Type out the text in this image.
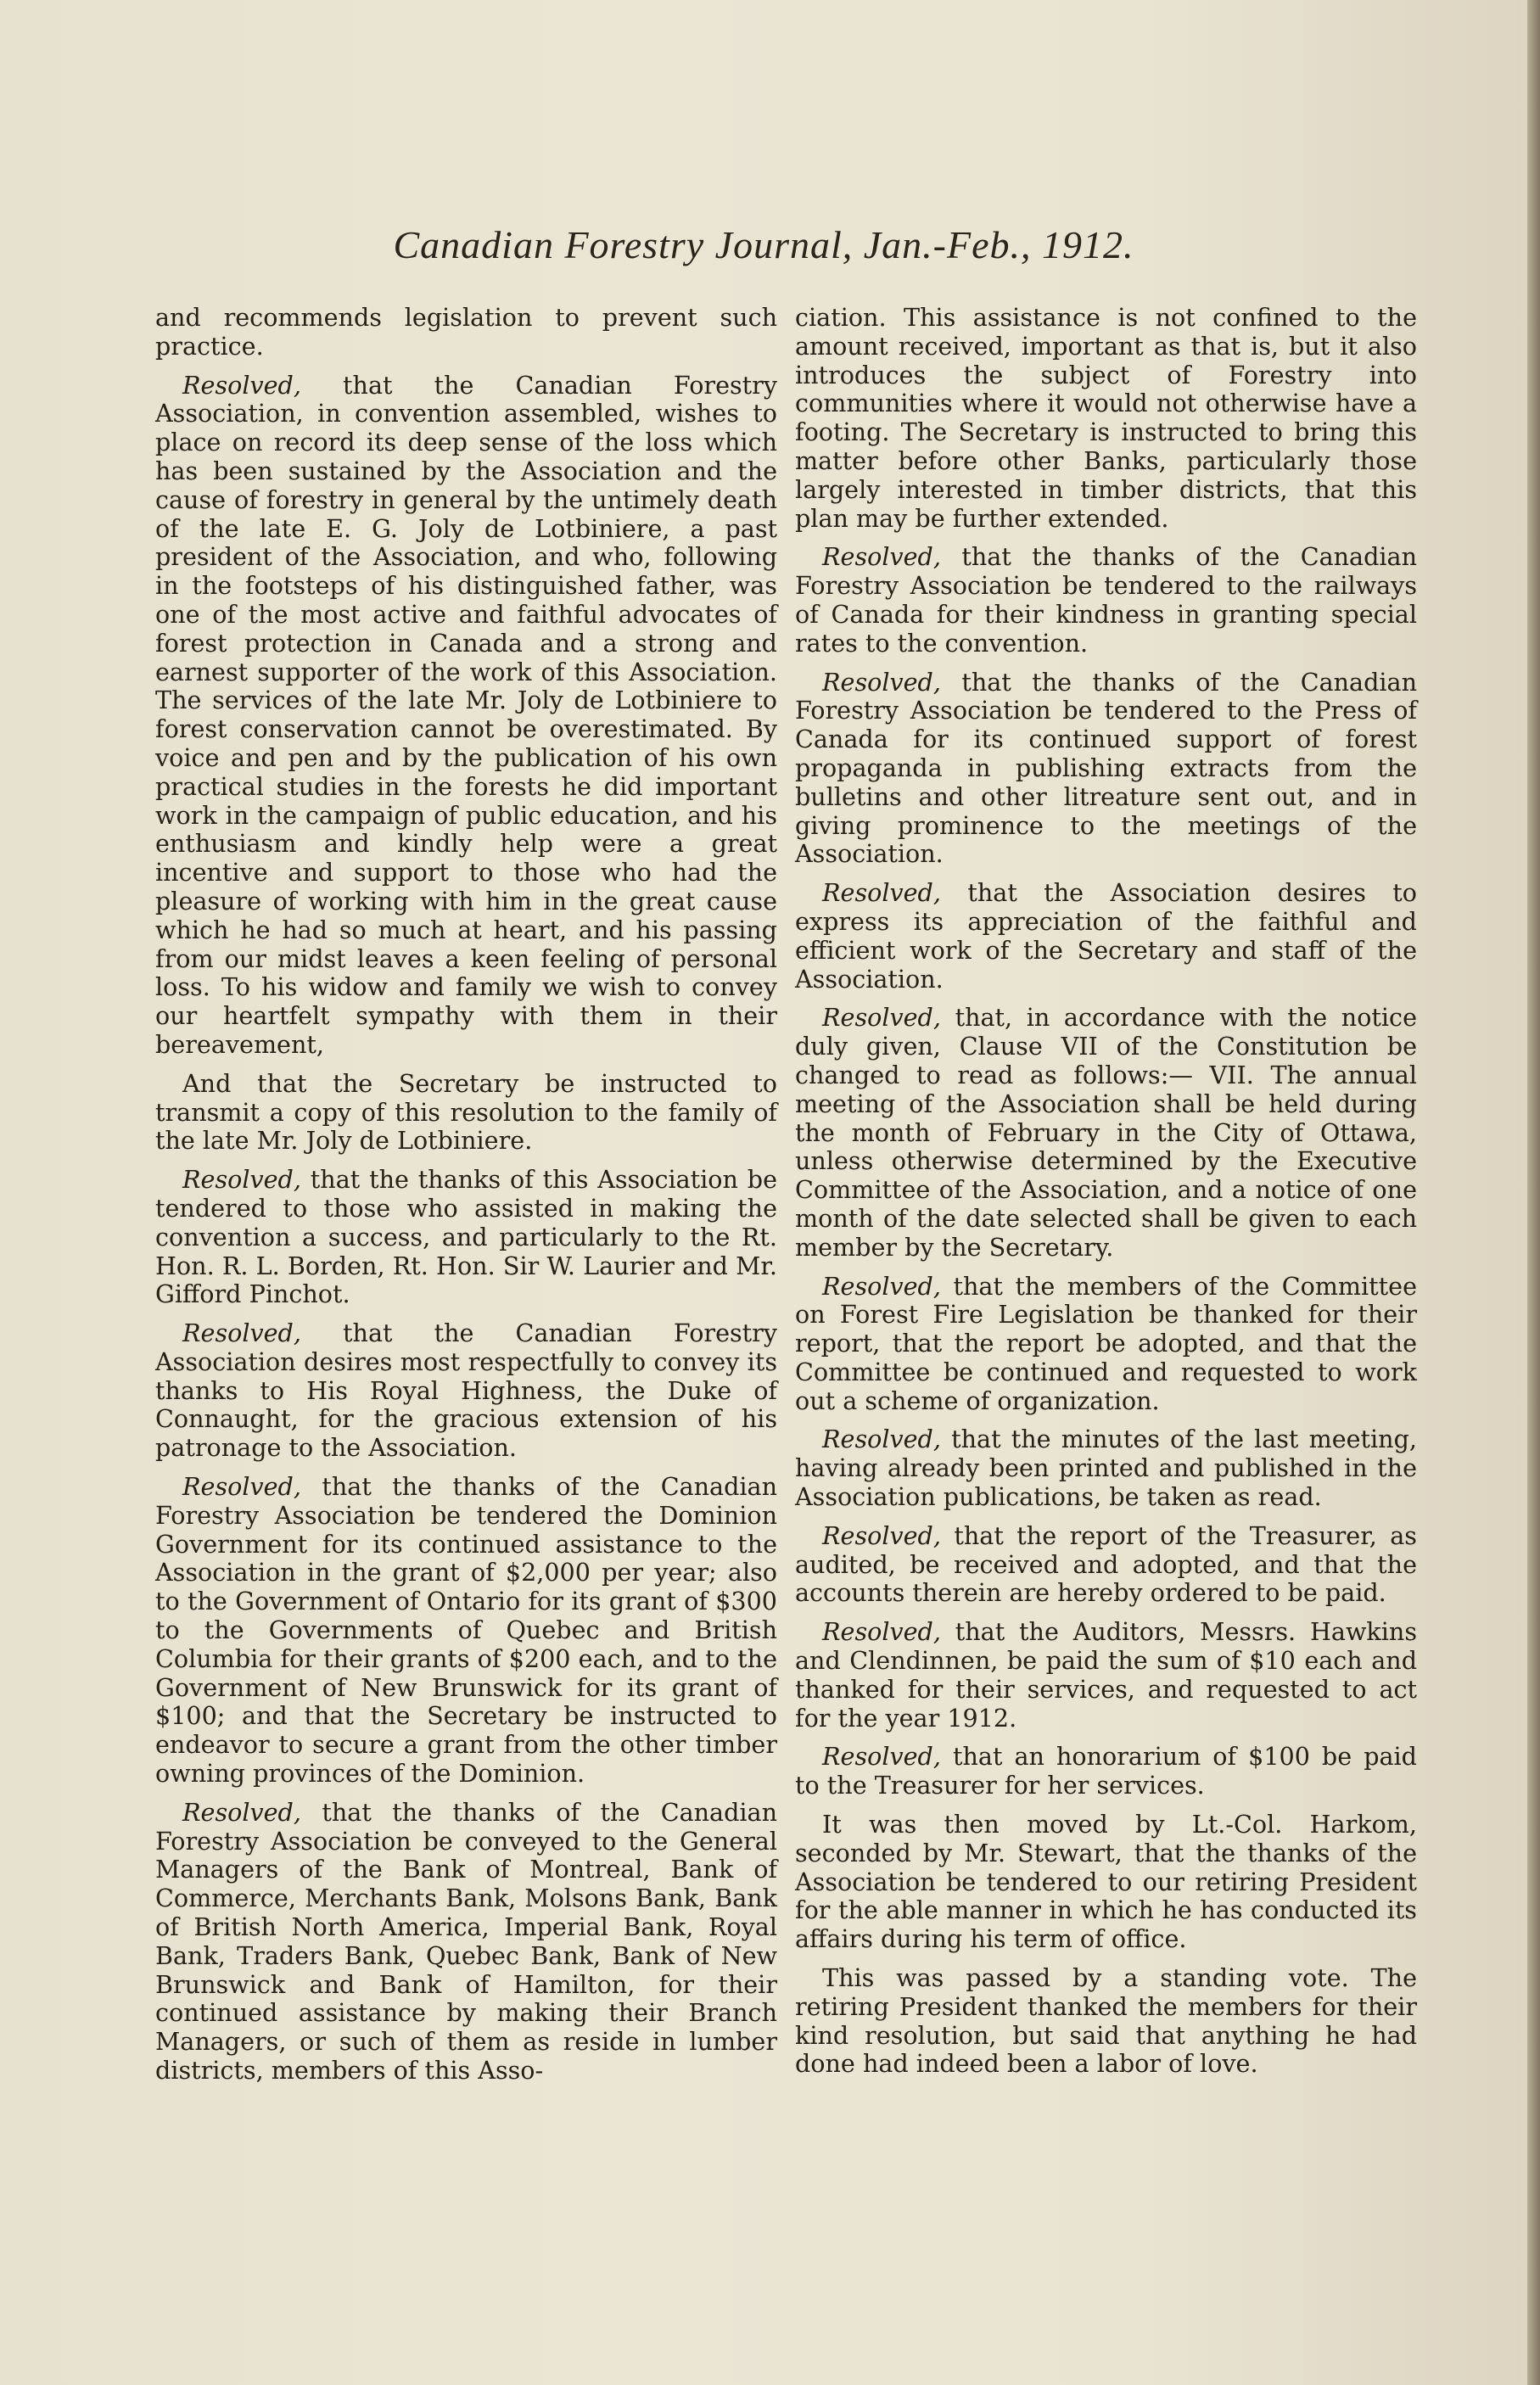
Canadian Forestry Journal, Jan.-Feb., 1912.

and recommends legislation to prevent such practice.

Resolved, that the Canadian Forestry Association, in convention assembled, wishes to place on record its deep sense of the loss which has been sustained by the Association and the cause of forestry in general by the untimely death of the late E. G. Joly de Lotbiniere, a past president of the Association, and who, following in the footsteps of his distinguished father, was one of the most active and faithful advocates of forest protection in Canada and a strong and earnest supporter of the work of this Association. The services of the late Mr. Joly de Lotbiniere to forest conservation cannot be overestimated. By voice and pen and by the publication of his own practical studies in the forests he did important work in the campaign of public education, and his enthusiasm and kindly help were a great incentive and support to those who had the pleasure of working with him in the great cause which he had so much at heart, and his passing from our midst leaves a keen feeling of personal loss. To his widow and family we wish to convey our heartfelt sympathy with them in their bereavement,

And that the Secretary be instructed to transmit a copy of this resolution to the family of the late Mr. Joly de Lotbiniere.

Resolved, that the thanks of this Association be tendered to those who assisted in making the convention a success, and particularly to the Rt. Hon. R. L. Borden, Rt. Hon. Sir W. Laurier and Mr. Gifford Pinchot.

Resolved, that the Canadian Forestry Association desires most respectfully to convey its thanks to His Royal Highness, the Duke of Connaught, for the gracious extension of his patronage to the Association.

Resolved, that the thanks of the Canadian Forestry Association be tendered the Dominion Government for its continued assistance to the Association in the grant of $2,000 per year; also to the Government of Ontario for its grant of $300 to the Governments of Quebec and British Columbia for their grants of $200 each, and to the Government of New Brunswick for its grant of $100; and that the Secretary be instructed to endeavor to secure a grant from the other timber owning provinces of the Dominion.

Resolved, that the thanks of the Canadian Forestry Association be conveyed to the General Managers of the Bank of Montreal, Bank of Commerce, Merchants Bank, Molsons Bank, Bank of British North America, Imperial Bank, Royal Bank, Traders Bank, Quebec Bank, Bank of New Brunswick and Bank of Hamilton, for their continued assistance by making their Branch Managers, or such of them as reside in lumber districts, members of this Asso-

ciation. This assistance is not confined to the amount received, important as that is, but it also introduces the subject of Forestry into communities where it would not otherwise have a footing. The Secretary is instructed to bring this matter before other Banks, particularly those largely interested in timber districts, that this plan may be further extended.

Resolved, that the thanks of the Canadian Forestry Association be tendered to the railways of Canada for their kindness in granting special rates to the convention.

Resolved, that the thanks of the Canadian Forestry Association be tendered to the Press of Canada for its continued support of forest propaganda in publishing extracts from the bulletins and other litreature sent out, and in giving prominence to the meetings of the Association.

Resolved, that the Association desires to express its appreciation of the faithful and efficient work of the Secretary and staff of the Association.

Resolved, that, in accordance with the notice duly given, Clause VII of the Constitution be changed to read as follows:— VII. The annual meeting of the Association shall be held during the month of February in the City of Ottawa, unless otherwise determined by the Executive Committee of the Association, and a notice of one month of the date selected shall be given to each member by the Secretary.

Resolved, that the members of the Committee on Forest Fire Legislation be thanked for their report, that the report be adopted, and that the Committee be continued and requested to work out a scheme of organization.

Resolved, that the minutes of the last meeting, having already been printed and published in the Association publications, be taken as read.

Resolved, that the report of the Treasurer, as audited, be received and adopted, and that the accounts therein are hereby ordered to be paid.

Resolved, that the Auditors, Messrs. Hawkins and Clendinnen, be paid the sum of $10 each and thanked for their services, and requested to act for the year 1912.

Resolved, that an honorarium of $100 be paid to the Treasurer for her services.

It was then moved by Lt.-Col. Harkom, seconded by Mr. Stewart, that the thanks of the Association be tendered to our retiring President for the able manner in which he has conducted its affairs during his term of office.

This was passed by a standing vote. The retiring President thanked the members for their kind resolution, but said that anything he had done had indeed been a labor of love.
